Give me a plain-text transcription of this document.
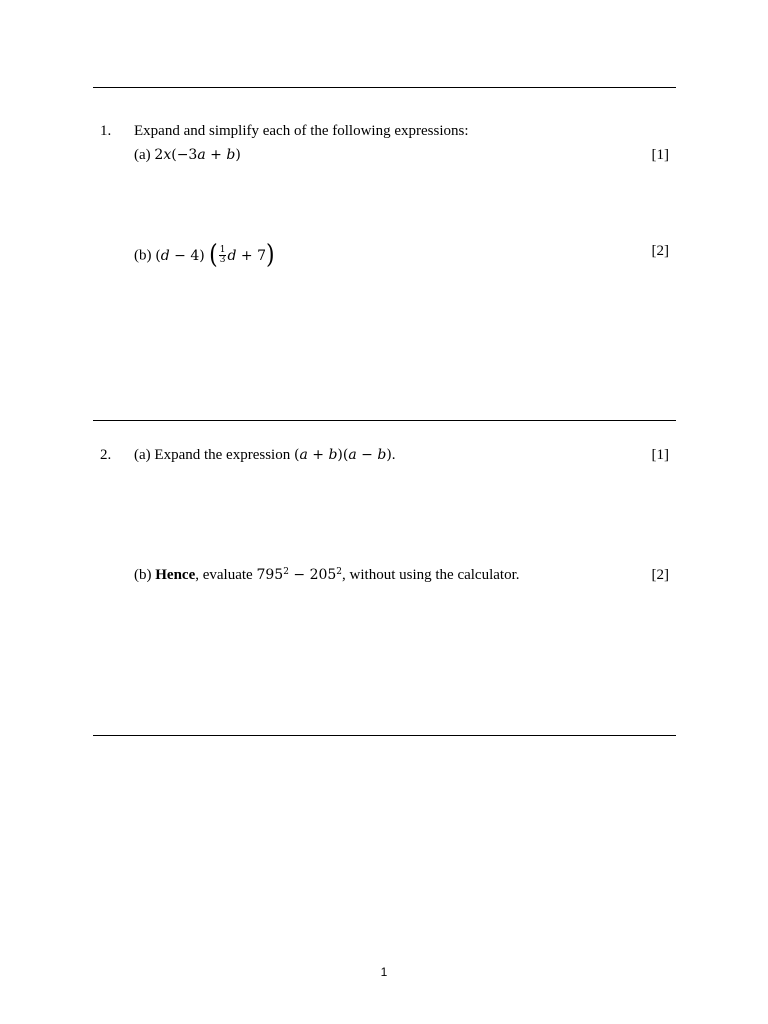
1. Expand and simplify each of the following expressions:
(a) 2x(−3a + b)	[1]
(b) (d − 4) ( $\frac{1}{3}$ d + 7)	[2]
2. (a) Expand the expression (a + b)(a − b).	[1]
(b) Hence, evaluate $795^2 - 205^2$, without using the calculator.	[2]
1
